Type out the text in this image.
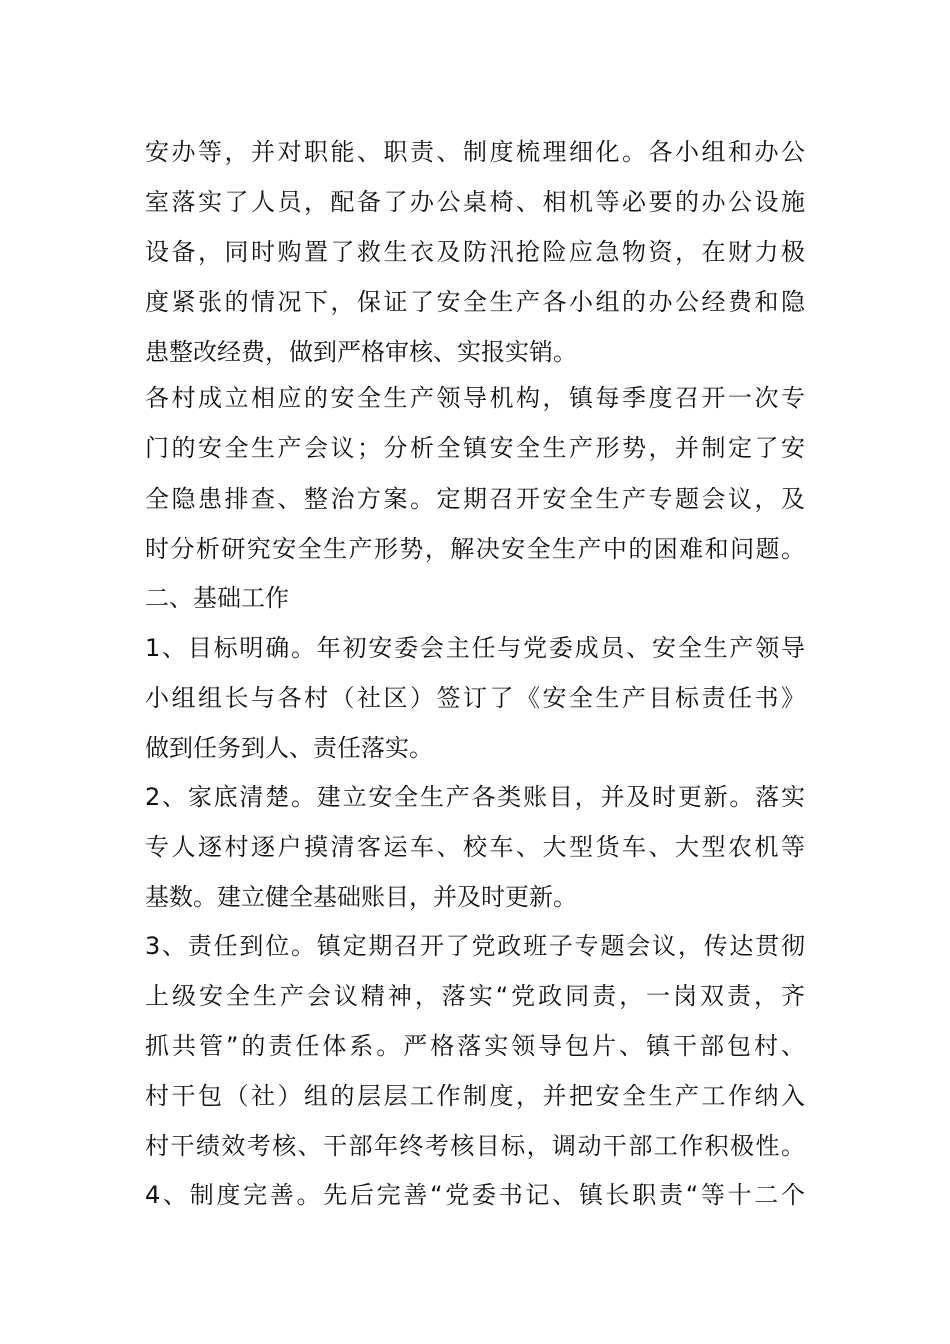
安办等，并对职能、职责、制度梳理细化。各小组和办公
室落实了人员，配备了办公桌椅、相机等必要的办公设施
设备，同时购置了救生衣及防汛抢险应急物资，在财力极
度紧张的情况下，保证了安全生产各小组的办公经费和隐
患整改经费，做到严格审核、实报实销。
各村成立相应的安全生产领导机构，镇每季度召开一次专
门的安全生产会议；分析全镇安全生产形势，并制定了安
全隐患排查、整治方案。定期召开安全生产专题会议，及
时分析研究安全生产形势，解决安全生产中的困难和问题。
二、基础工作
1、目标明确。年初安委会主任与党委成员、安全生产领导
小组组长与各村（社区）签订了《安全生产目标责任书》
做到任务到人、责任落实。
2、家底清楚。建立安全生产各类账目，并及时更新。落实
专人逐村逐户摸清客运车、校车、大型货车、大型农机等
基数。建立健全基础账目，并及时更新。
3、责任到位。镇定期召开了党政班子专题会议，传达贯彻
上级安全生产会议精神，落实“党政同责，一岗双责，齐
抓共管”的责任体系。严格落实领导包片、镇干部包村、
村干包（社）组的层层工作制度，并把安全生产工作纳入
村干绩效考核、干部年终考核目标，调动干部工作积极性。
4、制度完善。先后完善“党委书记、镇长职责“等十二个
